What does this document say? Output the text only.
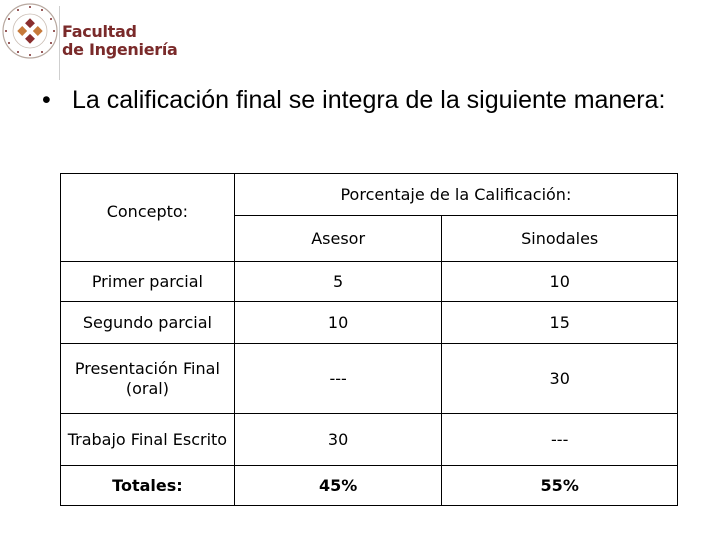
Facultad
de Ingeniería
• La calificación final se integra de la siguiente manera:
	Porcentaje de la Calificación:	
Concepto:	Asesor	Sinodales
Primer parcial	5	10
Segundo parcial	10	15
Presentación Final (oral)	---	30
Trabajo Final Escrito	30	---
Totales:	45%	55%
